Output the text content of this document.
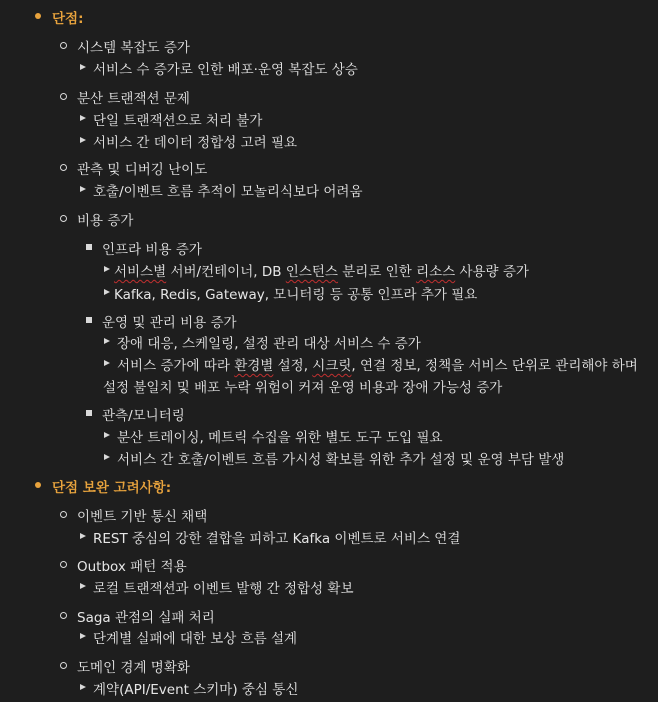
단점:
시스템 복잡도 증가
서비스 수 증가로 인한 배포·운영 복잡도 상승
분산 트랜잭션 문제
단일 트랜잭션으로 처리 불가
서비스 간 데이터 정합성 고려 필요
관측 및 디버깅 난이도
호출/이벤트 흐름 추적이 모놀리식보다 어려움
비용 증가
인프라 비용 증가
서비스별 서버/컨테이너, DB 인스턴스 분리로 인한 리소스 사용량 증가
Kafka, Redis, Gateway, 모니터링 등 공통 인프라 추가 필요
운영 및 관리 비용 증가
장애 대응, 스케일링, 설정 관리 대상 서비스 수 증가
서비스 증가에 따라 환경별 설정, 시크릿, 연결 정보, 정책을 서비스 단위로 관리해야 하며
설정 불일치 및 배포 누락 위험이 커져 운영 비용과 장애 가능성 증가
관측/모니터링
분산 트레이싱, 메트릭 수집을 위한 별도 도구 도입 필요
서비스 간 호출/이벤트 흐름 가시성 확보를 위한 추가 설정 및 운영 부담 발생
단점 보완 고려사항:
이벤트 기반 통신 채택
REST 중심의 강한 결합을 피하고 Kafka 이벤트로 서비스 연결
Outbox 패턴 적용
로컬 트랜잭션과 이벤트 발행 간 정합성 확보
Saga 관점의 실패 처리
단계별 실패에 대한 보상 흐름 설계
도메인 경계 명확화
계약(API/Event 스키마) 중심 통신
